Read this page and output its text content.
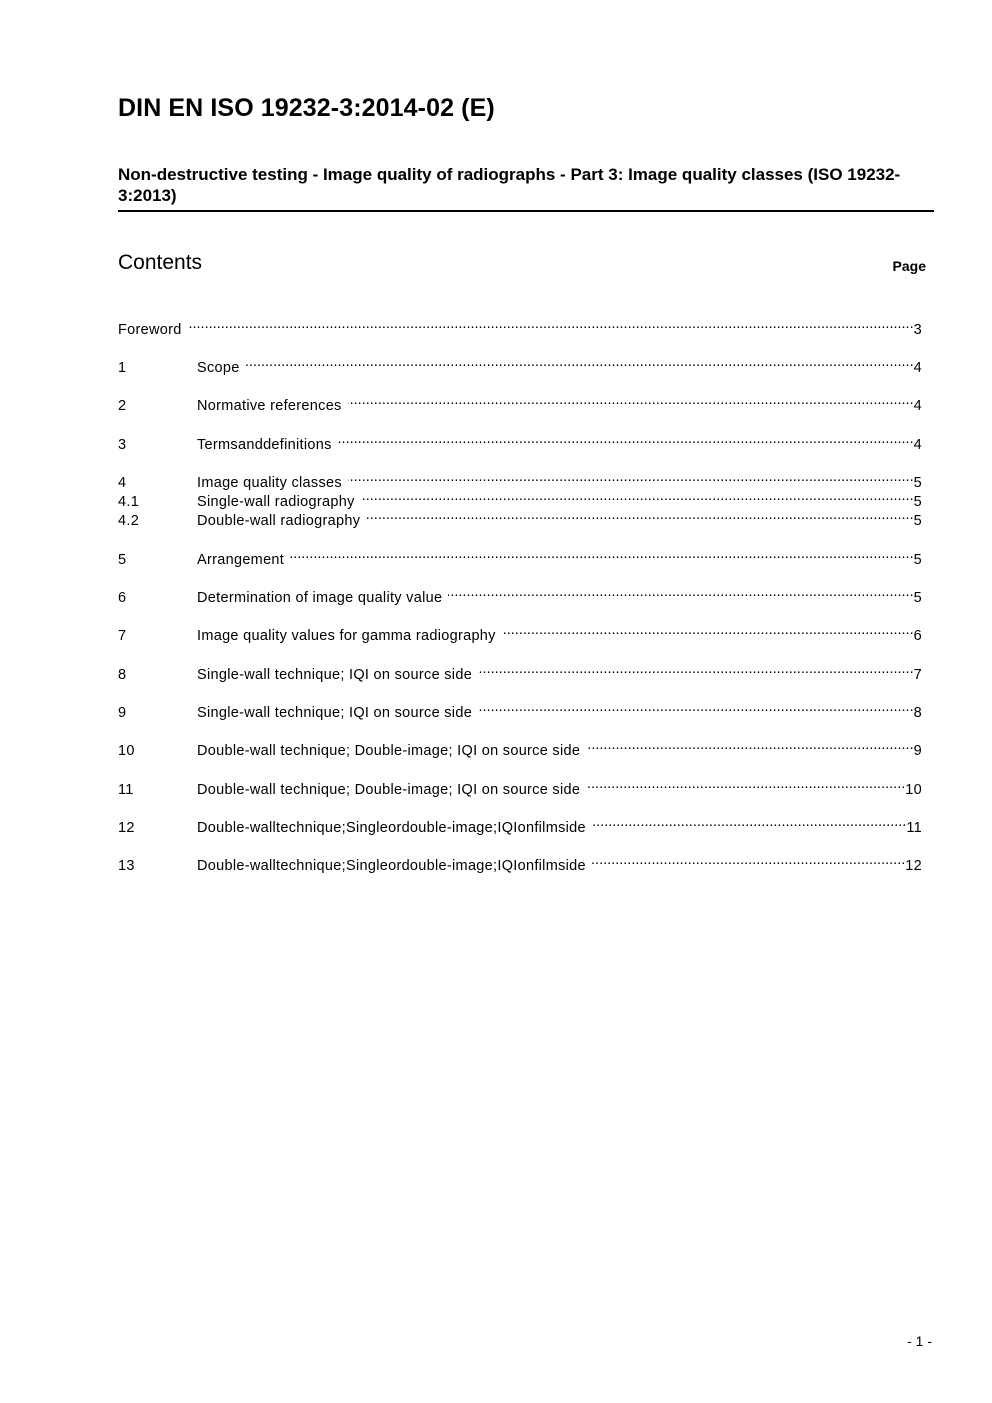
DIN EN ISO 19232-3:2014-02 (E)
Non-destructive testing - Image quality of radiographs - Part 3: Image quality classes (ISO 19232-3:2013)
Contents	Page
Foreword .....	3
1	Scope .....	4
2	Normative references .....	4
3	Termsanddefinitions .....	4
4	Image quality classes .....	5
4.1	Single-wall radiography .....	5
4.2	Double-wall radiography .....	5
5	Arrangement .....	5
6	Determination of image quality value .....	5
7	Image quality values for gamma radiography .....	6
8	Single-wall technique; IQI on source side .....	7
9	Single-wall technique; IQI on source side .....	8
10	Double-wall technique; Double-image; IQI on source side .....	9
11	Double-wall technique; Double-image; IQI on source side .....	10
12	Double-walltechnique;Singleordouble-image;IQIonfilmside .....	11
13	Double-walltechnique;Singleordouble-image;IQIonfilmside .....	12
- 1 -
